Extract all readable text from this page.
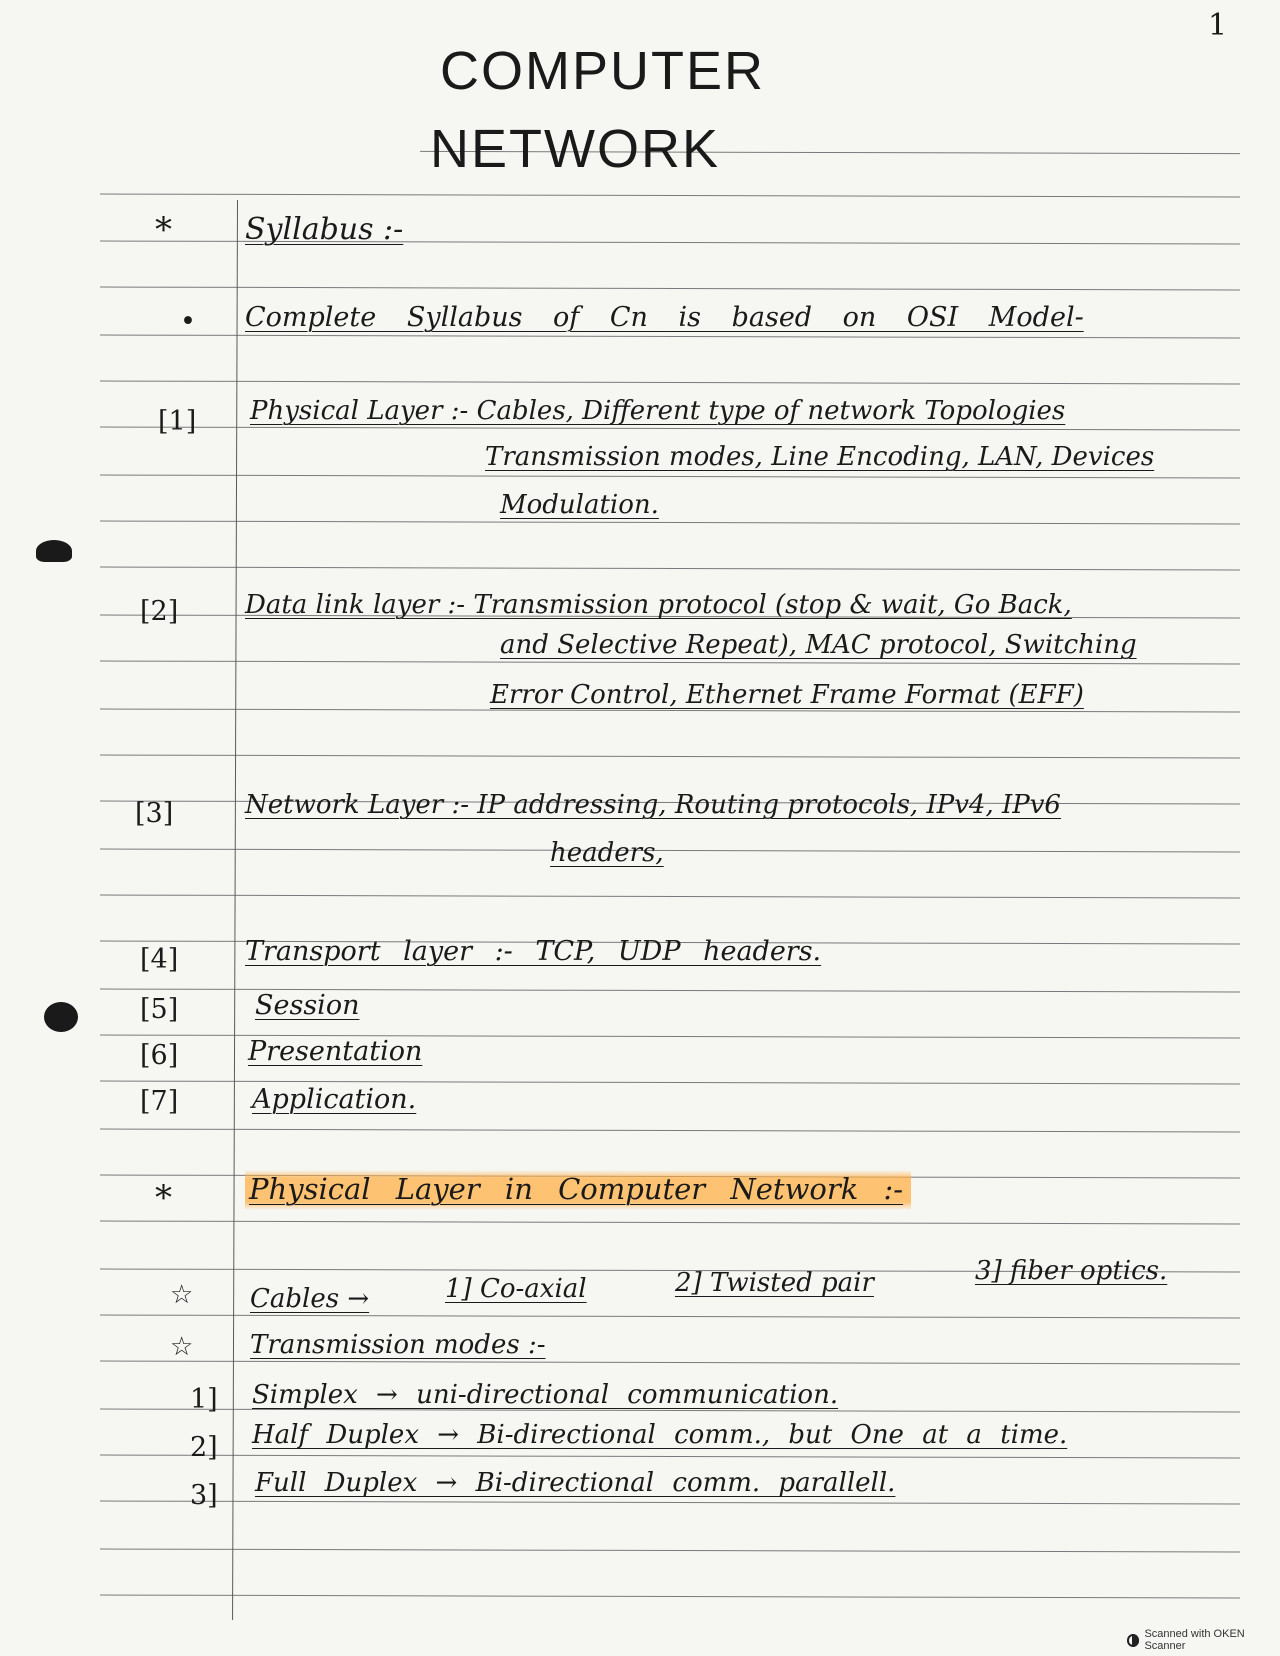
1
COMPUTER
NETWORK
* Syllabus :-
• Complete Syllabus of Cn is based on OSI Model-
[1] Physical Layer :- Cables, Different type of network Topologies
Transmission modes, Line Encoding, LAN, Devices
Modulation.
[2]	Data link layer :- Transmission protocol (stop & wait, Go Back,
and Selective Repeat), MAC protocol, Switching
Error Control, Ethernet Frame Format (EFF)
[3]	Network Layer :- IP addressing, Routing protocols, IPv4, IPv6
headers,
[4] Transport layer :- TCP, UDP headers.
[5]	Session
[6]	Presentation
[7]	Application.
*	Physical Layer in Computer Network :-
☆ Cables →	1] Co-axial	2] Twisted pair	3] fiber optics.
☆ Transmission modes :-
1] Simplex → uni-directional communication.
2] Half Duplex → Bi-directional comm., but One at a time.
3] Full Duplex → Bi-directional comm. parallell.
Scanned with OKEN Scanner
